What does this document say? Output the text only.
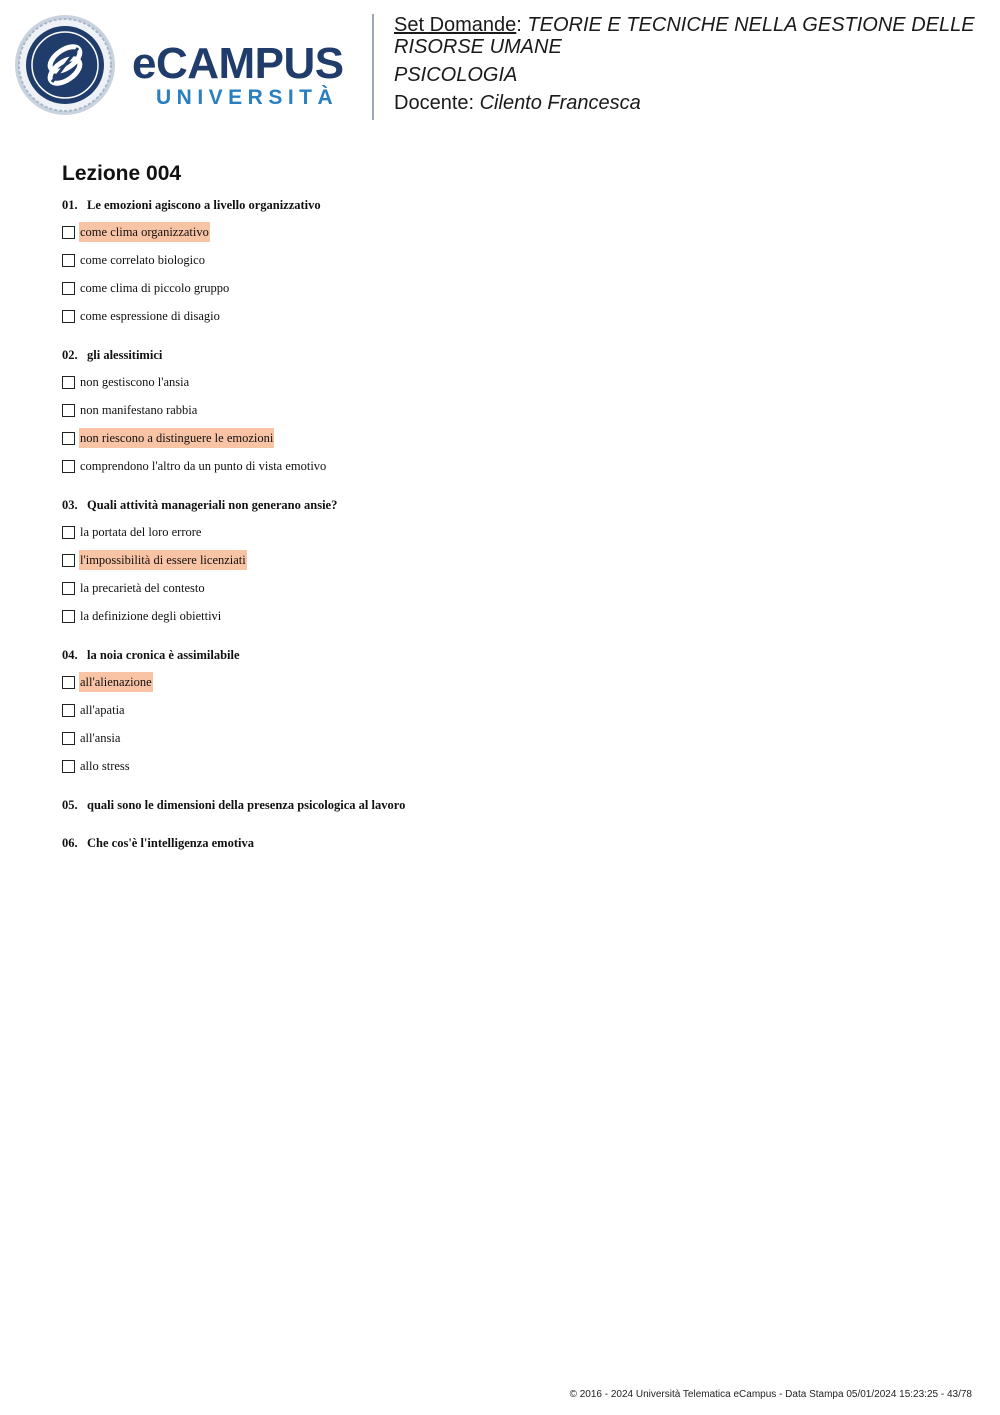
eCAMPUS
UNIVERSITÀ
Set Domande: TEORIE E TECNICHE NELLA GESTIONE DELLE
RISORSE UMANE
PSICOLOGIA
Docente: Cilento Francesca
Lezione 004
01. Le emozioni agiscono a livello organizzativo
come clima organizzativo
come correlato biologico
come clima di piccolo gruppo
come espressione di disagio
02. gli alessitimici
non gestiscono l'ansia
non manifestano rabbia
non riescono a distinguere le emozioni
comprendono l'altro da un punto di vista emotivo
03. Quali attività manageriali non generano ansie?
la portata del loro errore
l'impossibilità di essere licenziati
la precarietà del contesto
la definizione degli obiettivi
04. la noia cronica è assimilabile
all'alienazione
all'apatia
all'ansia
allo stress
05. quali sono le dimensioni della presenza psicologica al lavoro
06. Che cos'è l'intelligenza emotiva
© 2016 - 2024 Università Telematica eCampus - Data Stampa 05/01/2024 15:23:25 - 43/78
